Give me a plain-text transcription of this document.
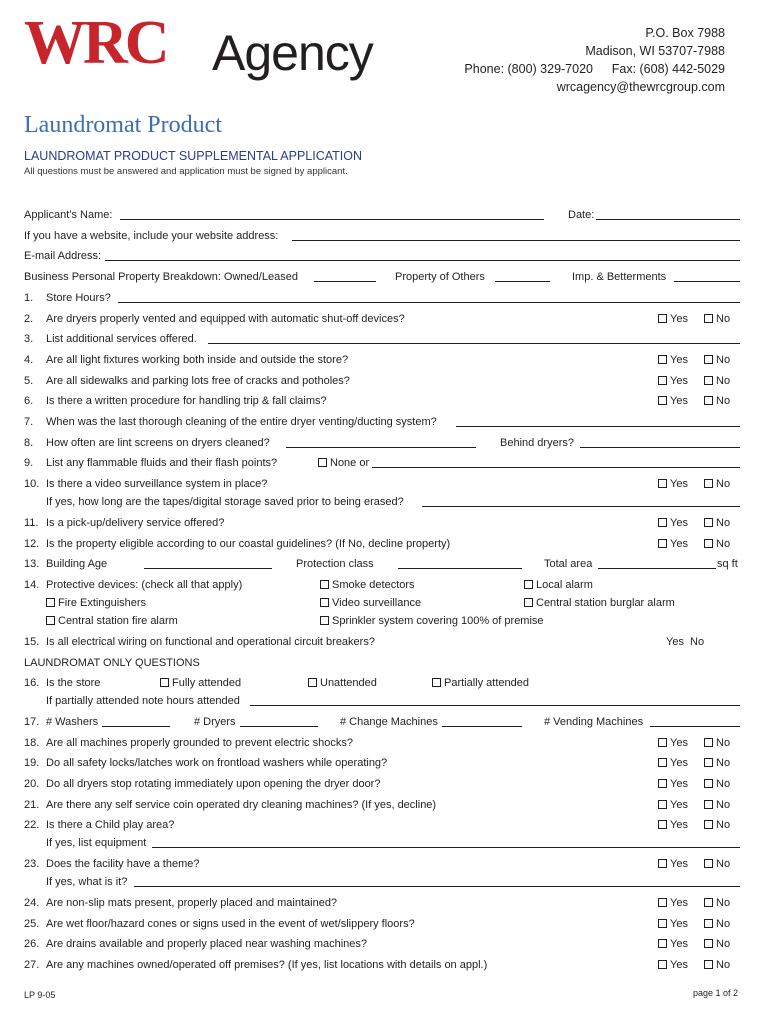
WRC Agency	P.O. Box 7988
Madison, WI 53707-7988
Phone: (800) 329-7020 Fax: (608) 442-5029
wrcagency@thewrcgroup.com
Laundromat Product
LAUNDROMAT PRODUCT SUPPLEMENTAL APPLICATION
All questions must be answered and application must be signed by applicant.
Applicant’s Name:	Date:
If you have a website, include your website address:
E-mail Address:
Business Personal Property Breakdown: Owned/Leased	Property of Others	Imp. & Betterments
1. Store Hours?
2. Are dryers properly vented and equipped with automatic shut-off devices?	Yes	No
3. List additional services offered.
4. Are all light fixtures working both inside and outside the store?	Yes	No
5. Are all sidewalks and parking lots free of cracks and potholes?	Yes	No
6. Is there a written procedure for handling trip & fall claims?	Yes	No
7. When was the last thorough cleaning of the entire dryer venting/ducting system?
8. How often are lint screens on dryers cleaned?	Behind dryers?
9. List any flammable fluids and their flash points?	None or
10. Is there a video surveillance system in place?	Yes	No
If yes, how long are the tapes/digital storage saved prior to being erased?
11. Is a pick-up/delivery service offered?	Yes	No
12. Is the property eligible according to our coastal guidelines? (If No, decline property)	Yes	No
13. Building Age	Protection class	Total area	sq ft
14. Protective devices: (check all that apply)	Smoke detectors	Local alarm
Fire Extinguishers	Video surveillance	Central station burglar alarm
Central station fire alarm	Sprinkler system covering 100% of premise
15. Is all electrical wiring on functional and operational circuit breakers?	Yes No
LAUNDROMAT ONLY QUESTIONS
16. Is the store	Fully attended	Unattended	Partially attended
If partially attended note hours attended
17. # Washers	# Dryers	# Change Machines	# Vending Machines
18. Are all machines properly grounded to prevent electric shocks?	Yes	No
19. Do all safety locks/latches work on frontload washers while operating?	Yes	No
20. Do all dryers stop rotating immediately upon opening the dryer door?	Yes	No
21. Are there any self service coin operated dry cleaning machines? (If yes, decline)	Yes	No
22. Is there a Child play area?	Yes	No
If yes, list equipment
23. Does the facility have a theme?	Yes	No
If yes, what is it?
24. Are non-slip mats present, properly placed and maintained?	Yes	No
25. Are wet floor/hazard cones or signs used in the event of wet/slippery floors?	Yes	No
26. Are drains available and properly placed near washing machines?	Yes	No
27. Are any machines owned/operated off premises? (If yes, list locations with details on appl.)	Yes	No
LP 9-05	page 1 of 2
